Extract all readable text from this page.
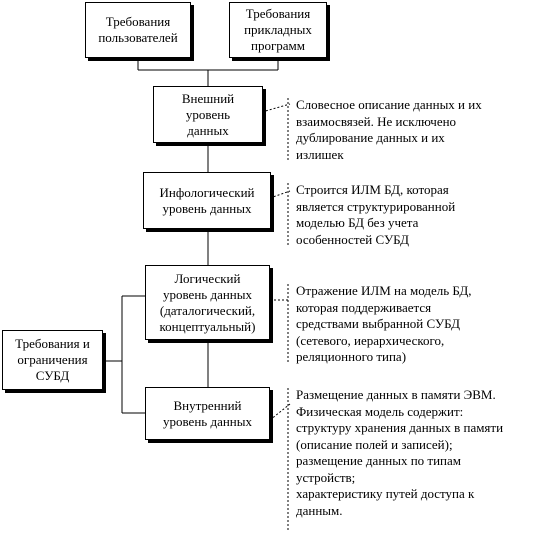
Требования
пользователей
Требования
прикладных
программ
Внешний
уровень
данных
Инфологический
уровень данных
Логический
уровень данных
(даталогический,
концептуальный)
Внутренний
уровень данных
Требования и
ограничения
СУБД
Словесное описание данных и их
взаимосвязей. Не исключено
дублирование данных и их
излишек
Строится ИЛМ БД, которая
является структурированной
моделью БД без учета
особенностей СУБД
Отражение ИЛМ на модель БД,
которая поддерживается
средствами выбранной СУБД
(сетевого, иерархического,
реляционного типа)
Размещение данных в памяти ЭВМ.
Физическая модель содержит:
структуру хранения данных в памяти
(описание полей и записей);
размещение данных по типам
устройств;
характеристику путей доступа к
данным.
